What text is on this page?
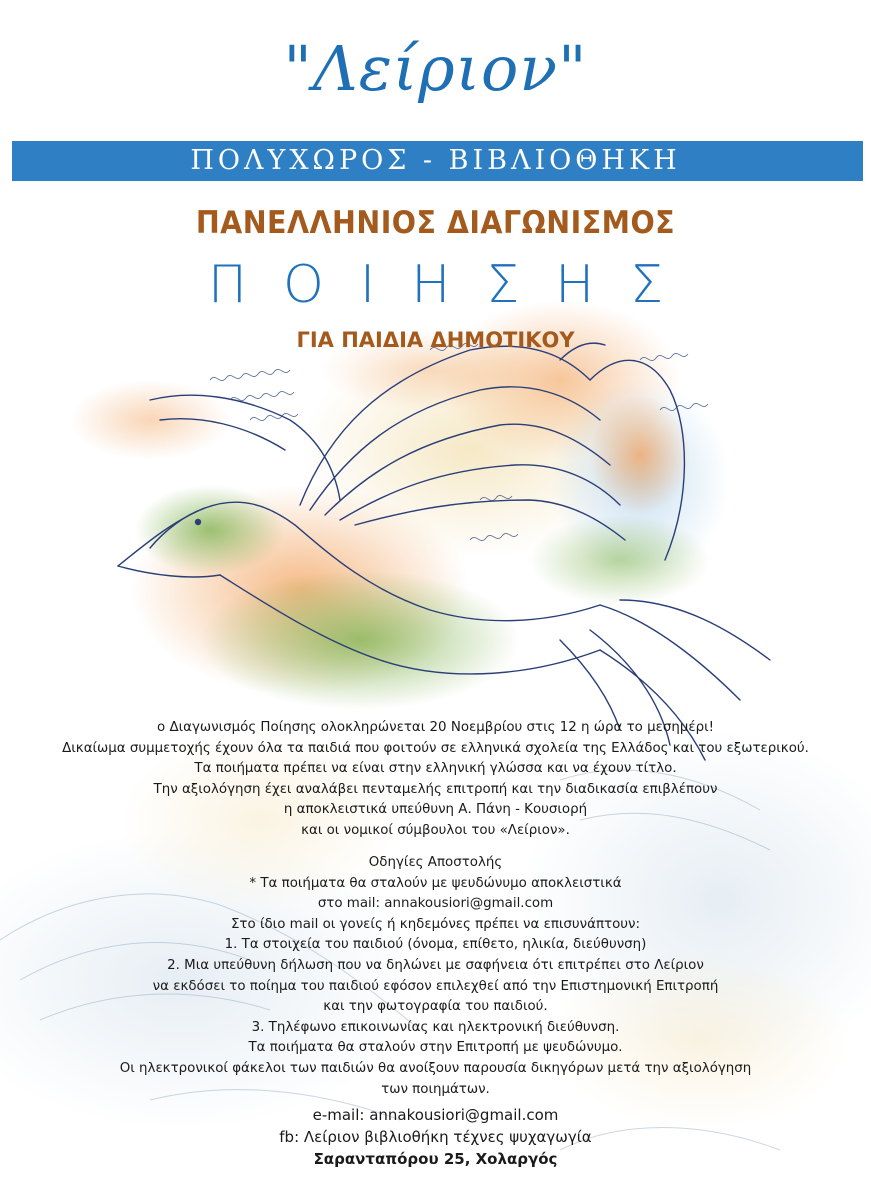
"Λείριον"
ΠΟΛΥΧΩΡΟΣ - ΒΙΒΛΙΟΘΗΚΗ
ΠΑΝΕΛΛΗΝΙΟΣ ΔΙΑΓΩΝΙΣΜΟΣ
ΠΟΙΗΣΗΣ
ΓΙΑ ΠΑΙΔΙΑ ΔΗΜΟΤΙΚΟΥ
ο Διαγωνισμός Ποίησης ολοκληρώνεται 20 Νοεμβρίου στις 12 η ώρα το μεσημέρι!
Δικαίωμα συμμετοχής έχουν όλα τα παιδιά που φοιτούν σε ελληνικά σχολεία της Ελλάδος και του εξωτερικού.
Τα ποιήματα πρέπει να είναι στην ελληνική γλώσσα και να έχουν τίτλο.
Την αξιολόγηση έχει αναλάβει πενταμελής επιτροπή και την διαδικασία επιβλέπουν
η αποκλειστικά υπεύθυνη Α. Πάνη - Κουσιορή
και οι νομικοί σύμβουλοι του «Λείριον».
Οδηγίες Αποστολής
* Τα ποιήματα θα σταλούν με ψευδώνυμο αποκλειστικά
στο mail: annakousiori@gmail.com
Στο ίδιο mail οι γονείς ή κηδεμόνες πρέπει να επισυνάπτουν:
1. Τα στοιχεία του παιδιού (όνομα, επίθετο, ηλικία, διεύθυνση)
2. Μια υπεύθυνη δήλωση που να δηλώνει με σαφήνεια ότι επιτρέπει στο Λείριον
να εκδόσει το ποίημα του παιδιού εφόσον επιλεχθεί από την Επιστημονική Επιτροπή
και την φωτογραφία του παιδιού.
3. Τηλέφωνο επικοινωνίας και ηλεκτρονική διεύθυνση.
Τα ποιήματα θα σταλούν στην Επιτροπή με ψευδώνυμο.
Οι ηλεκτρονικοί φάκελοι των παιδιών θα ανοίξουν παρουσία δικηγόρων μετά την αξιολόγηση
των ποιημάτων.
e-mail: annakousiori@gmail.com
fb: Λείριον βιβλιοθήκη τέχνες ψυχαγωγία
Σαρανταπόρου 25, Χολαργός
